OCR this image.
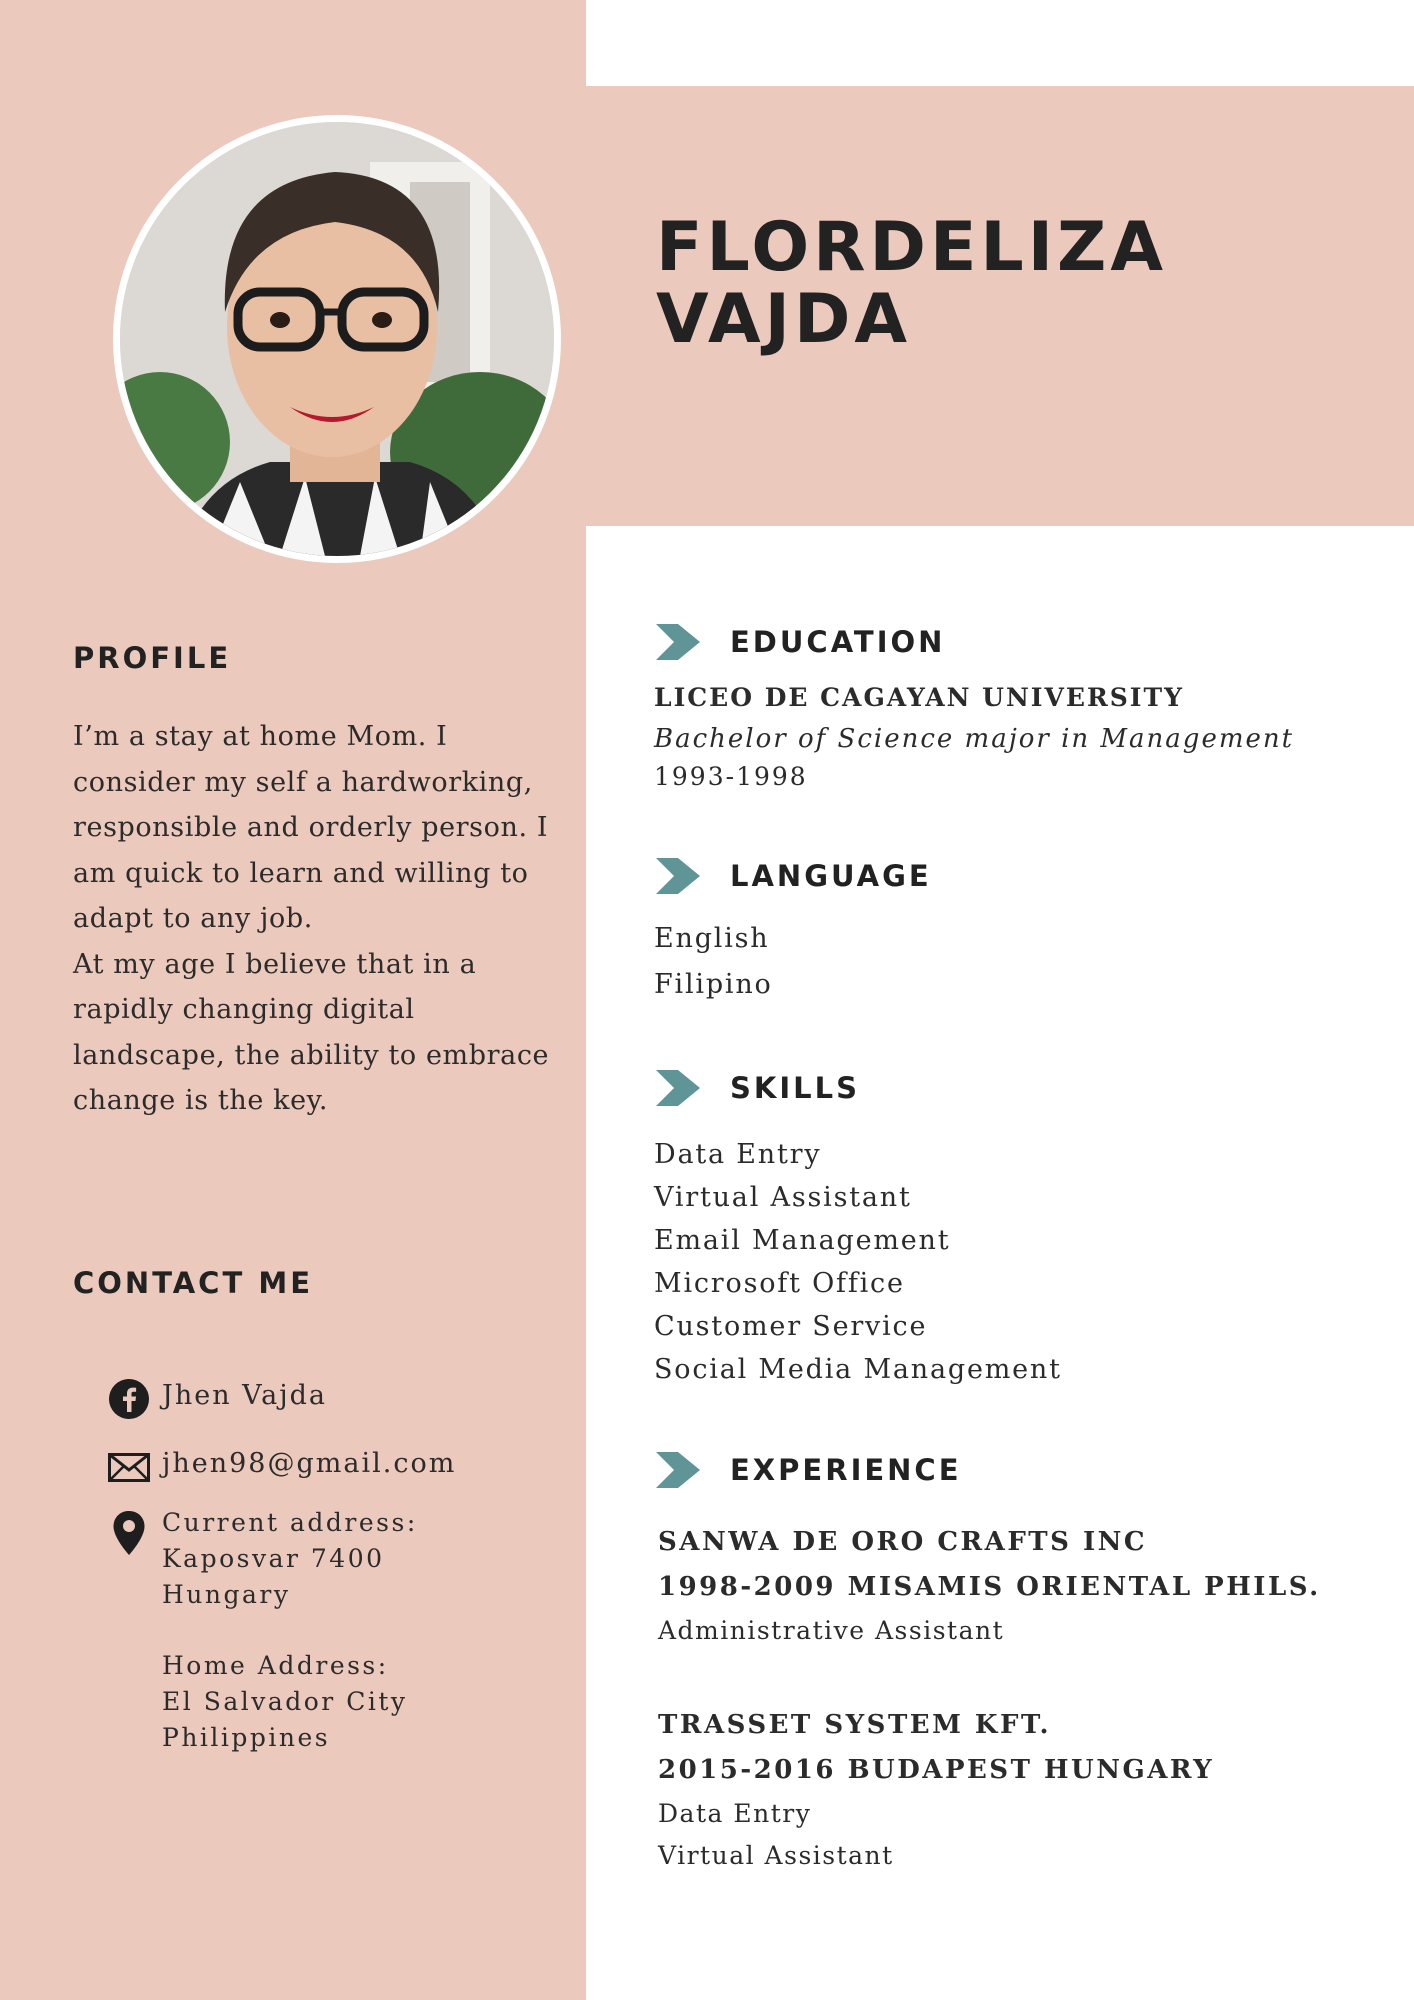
FLORDELIZA
VAJDA
PROFILE

I’m a stay at home Mom. I

consider my self a hardworking,

responsible and orderly person. I

am quick to learn and willing to

adapt to any job.

At my age I believe that in a

rapidly changing digital

landscape, the ability to embrace

change is the key.

CONTACT ME
Jhen Vajda
jhen98@gmail.com
Current address:
Kaposvar 7400
Hungary
Home Address:
El Salvador City
Philippines
EDUCATION
LICEO DE CAGAYAN UNIVERSITY
Bachelor of Science major in Management
1993-1998
LANGUAGE
English
Filipino
SKILLS
Data Entry
Virtual Assistant
Email Management
Microsoft Office
Customer Service
Social Media Management
EXPERIENCE
SANWA DE ORO CRAFTS INC
1998-2009 MISAMIS ORIENTAL PHILS.
Administrative Assistant
TRASSET SYSTEM KFT.
2015-2016 BUDAPEST HUNGARY
Data Entry
Virtual Assistant
